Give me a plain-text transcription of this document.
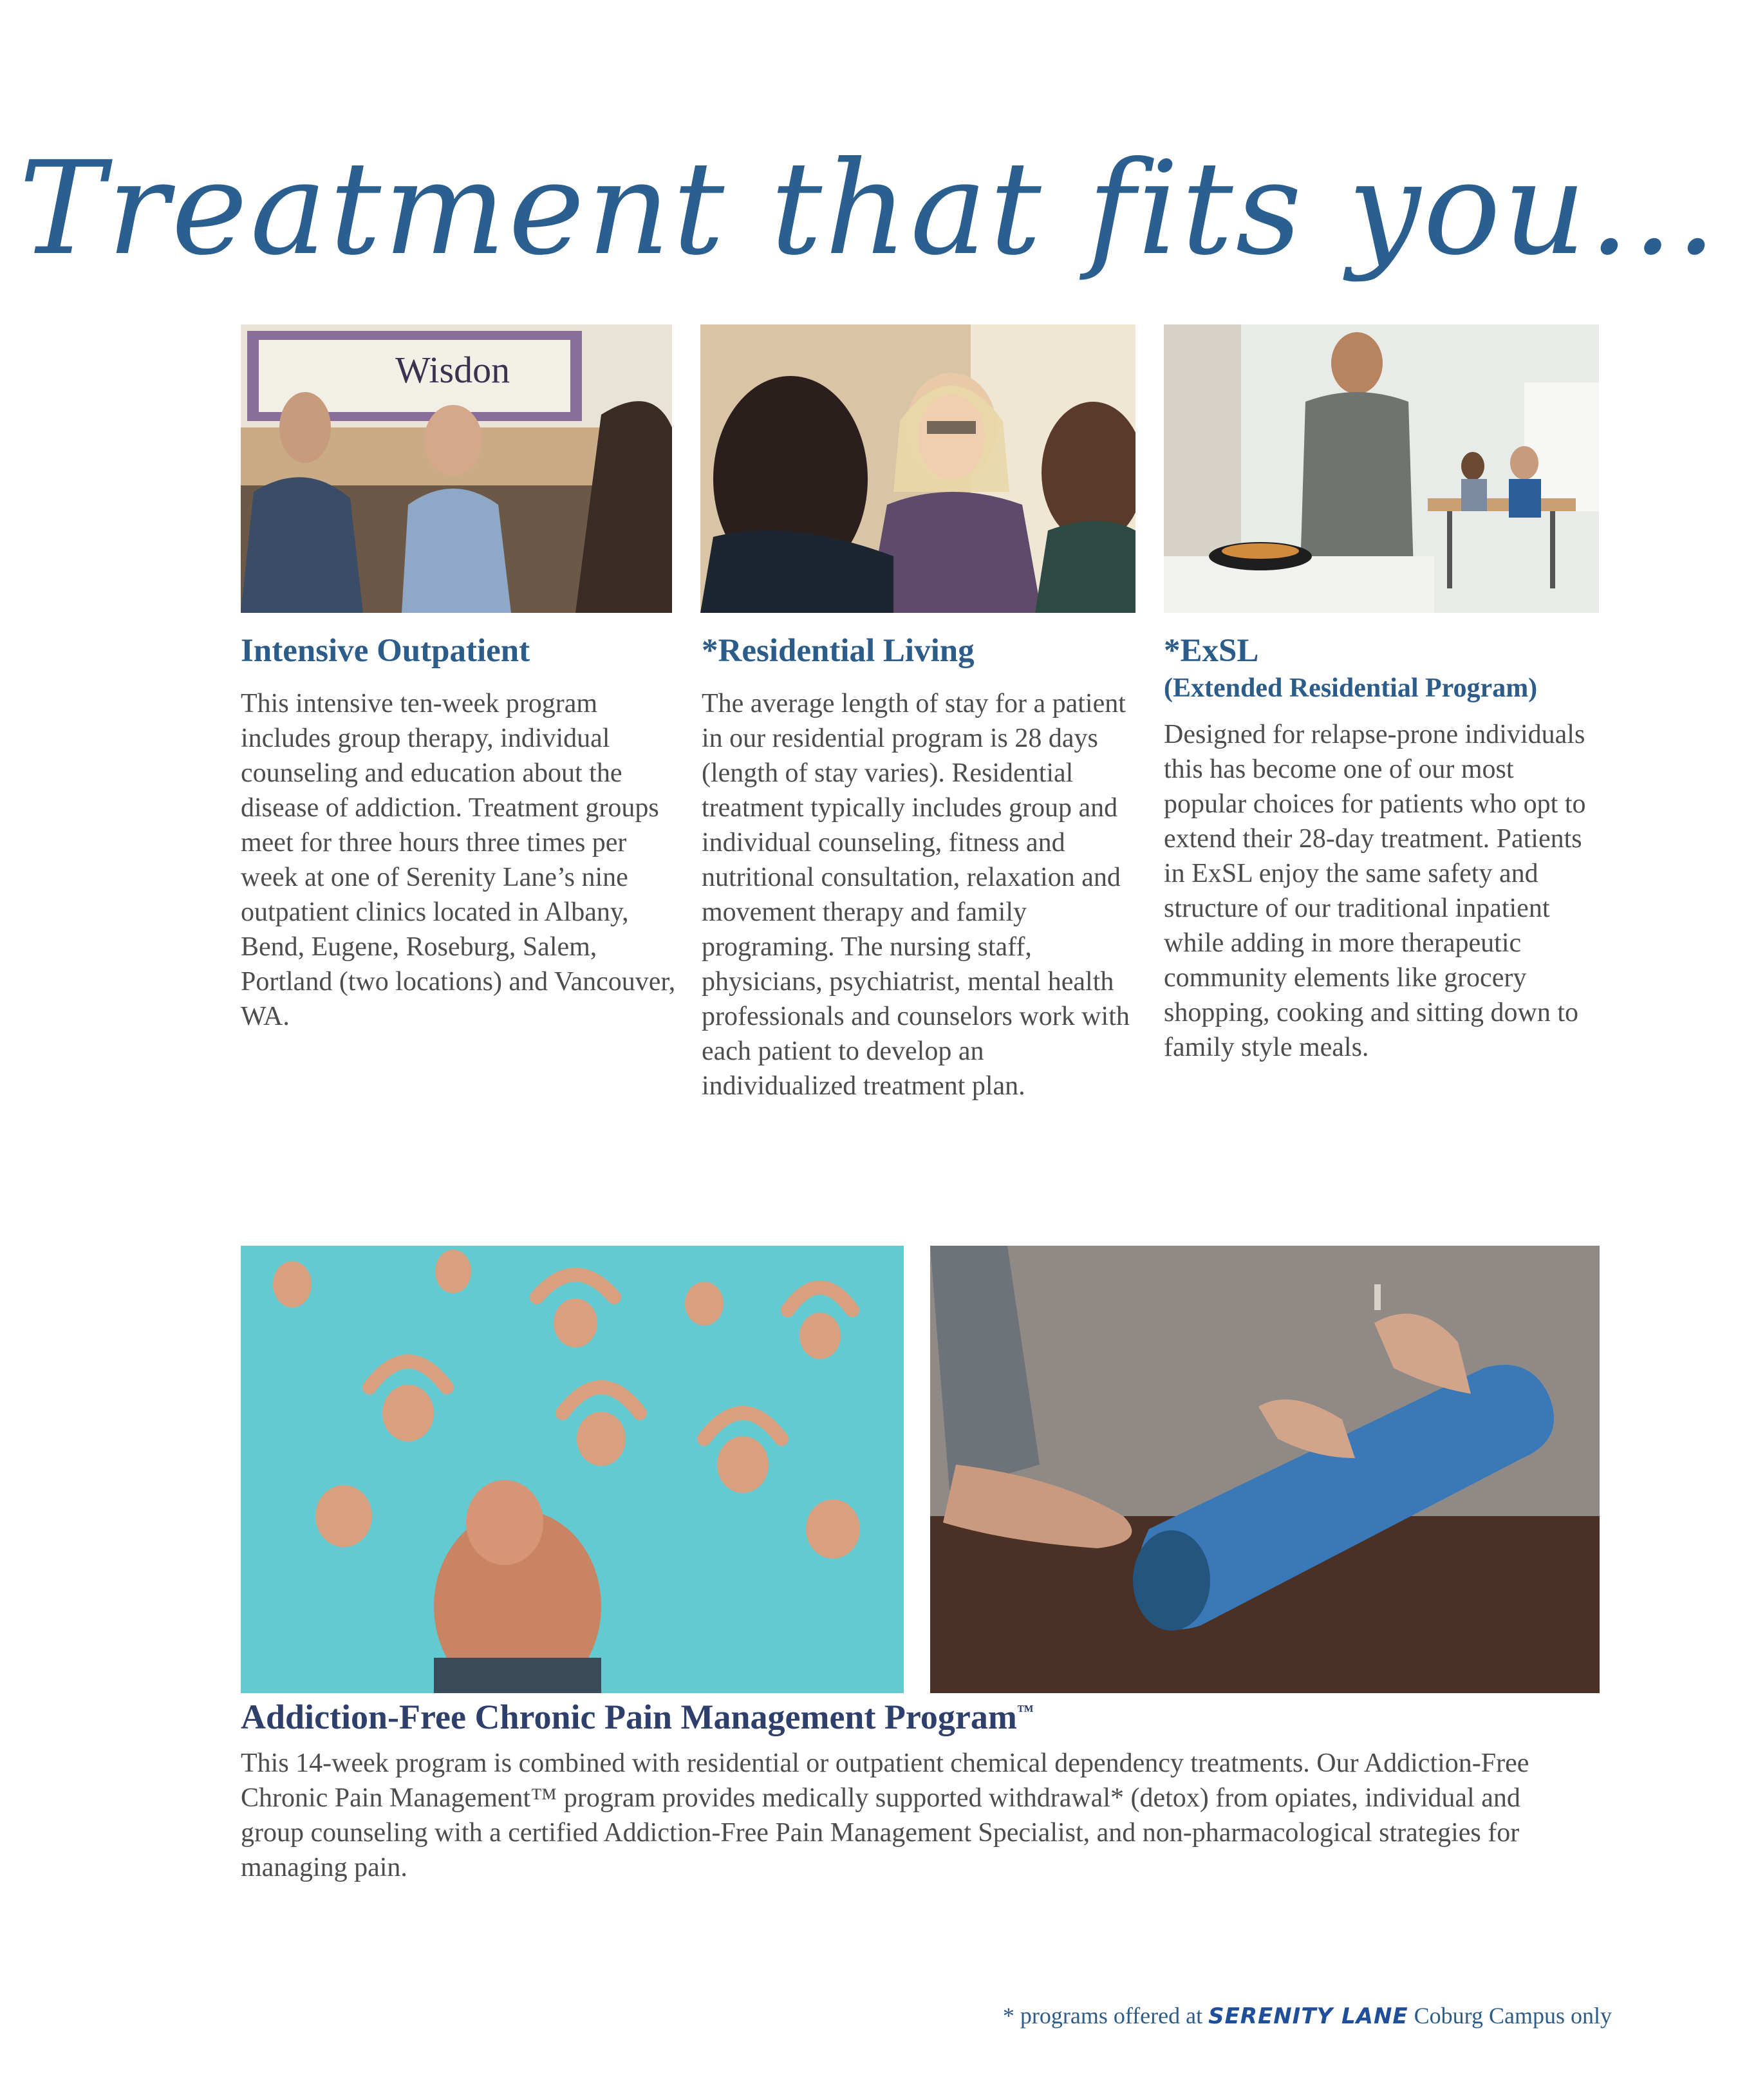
Treatment that fits you...
Wisdon
Intensive Outpatient

This intensive ten-week program includes group therapy, individual counseling and education about the disease of addiction. Treatment groups meet for three hours three times per week at one of Serenity Lane’s nine outpatient clinics located in Albany, Bend, Eugene, Roseburg, Salem, Portland (two locations) and Vancouver, WA.

*Residential Living

The average length of stay for a patient in our residential program is 28 days (length of stay varies). Residential treatment typically includes group and individual counseling, fitness and nutritional consultation, relaxation and movement therapy and family programing. The nursing staff, physicians, psychiatrist, mental health professionals and counselors work with each patient to develop an individualized treatment plan.

*ExSL
(Extended Residential Program)

Designed for relapse-prone individuals this has become one of our most popular choices for patients who opt to extend their 28-day treatment. Patients in ExSL enjoy the same safety and structure of our traditional inpatient while adding in more therapeutic community elements like grocery shopping, cooking and sitting down to family style meals.

Addiction-Free Chronic Pain Management Program™

This 14-week program is combined with residential or outpatient chemical dependency treatments. Our Addiction-Free Chronic Pain Management™ program provides medically supported withdrawal* (detox) from opiates, individual and group counseling with a certified Addiction-Free Pain Management Specialist, and non-pharmacological strategies for managing pain.

* programs offered at SERENITY LANE Coburg Campus only
